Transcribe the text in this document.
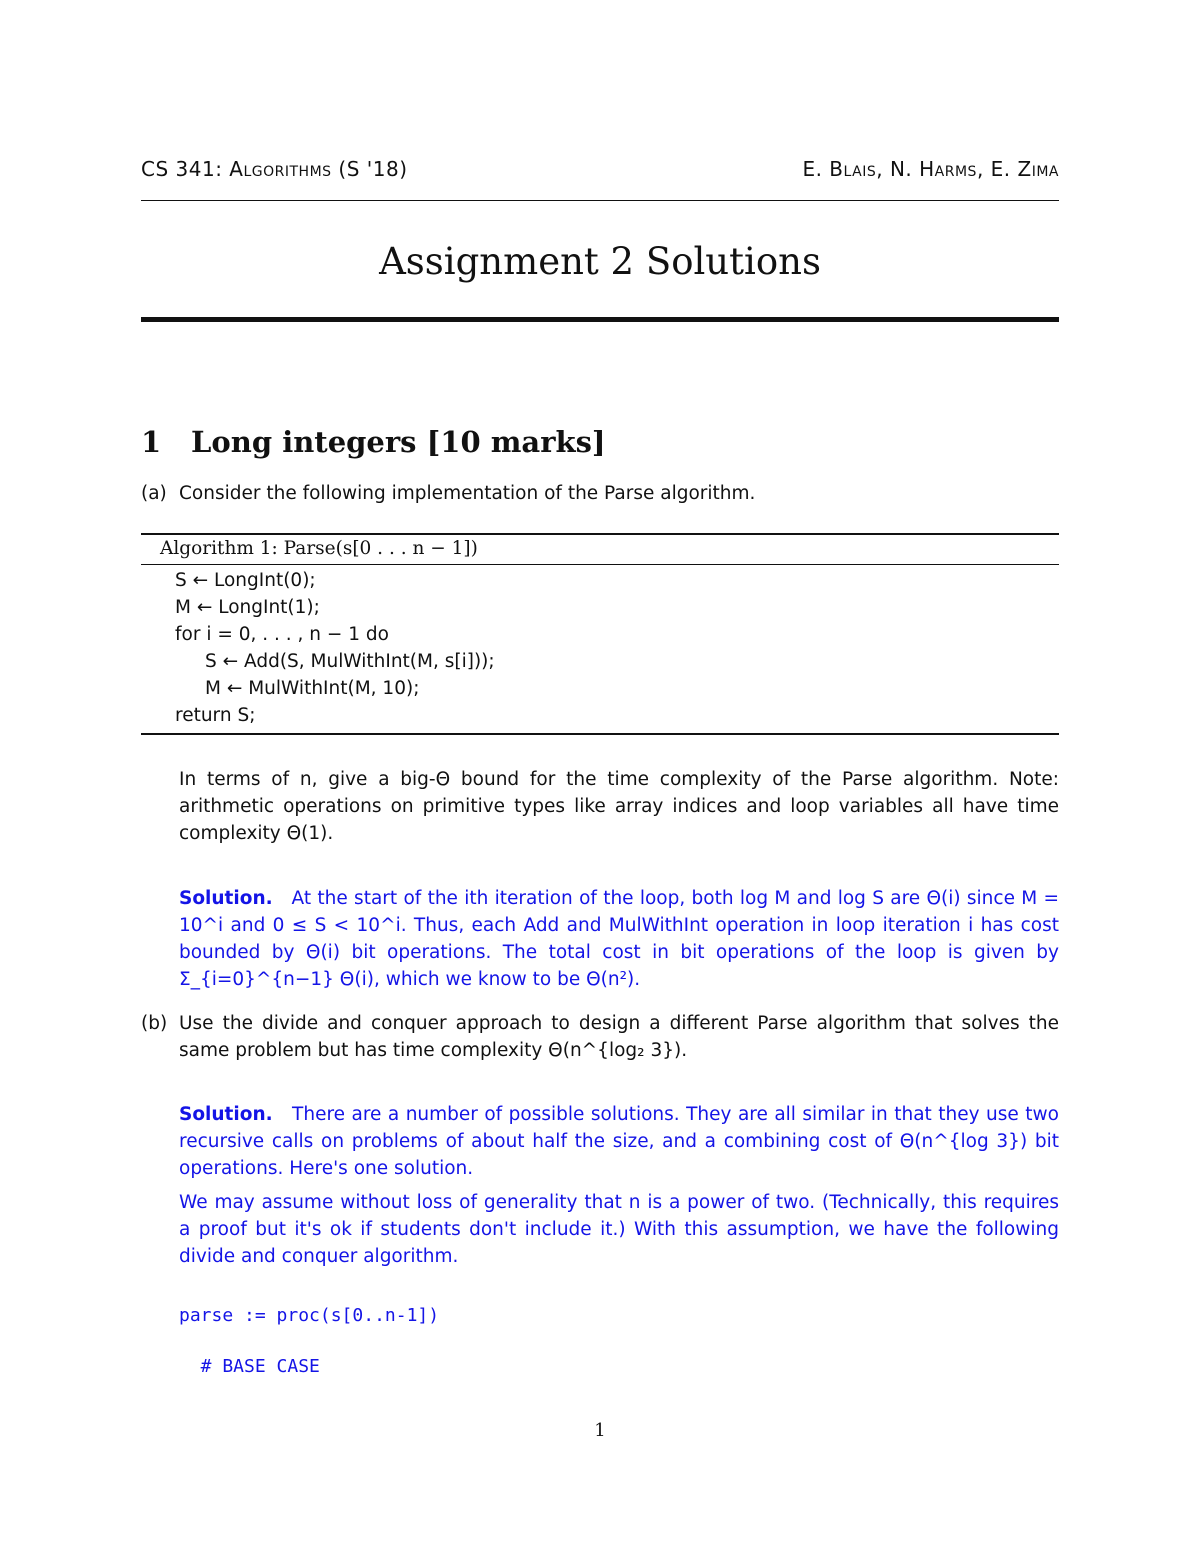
CS 341: Algorithms (S '18)	E. Blais, N. Harms, E. Zima
Assignment 2 Solutions
1 Long integers [10 marks]
(a) Consider the following implementation of the Parse algorithm.
Algorithm 1: Parse(s[0 . . . n − 1])
S ← LongInt(0);
M ← LongInt(1);
for i = 0, . . . , n − 1 do
S ← Add(S, MulWithInt(M, s[i]));
M ← MulWithInt(M, 10);
return S;
In terms of n, give a big-Θ bound for the time complexity of the Parse algorithm. Note: arithmetic operations on primitive types like array indices and loop variables all have time complexity Θ(1).
Solution. At the start of the ith iteration of the loop, both log M and log S are Θ(i) since M = 10^i and 0 ≤ S < 10^i. Thus, each Add and MulWithInt operation in loop iteration i has cost bounded by Θ(i) bit operations. The total cost in bit operations of the loop is given by Σ_{i=0}^{n−1} Θ(i), which we know to be Θ(n²).
(b) Use the divide and conquer approach to design a different Parse algorithm that solves the same problem but has time complexity Θ(n^{log₂ 3}).
Solution. There are a number of possible solutions. They are all similar in that they use two recursive calls on problems of about half the size, and a combining cost of Θ(n^{log 3}) bit operations. Here's one solution.
We may assume without loss of generality that n is a power of two. (Technically, this requires a proof but it's ok if students don't include it.) With this assumption, we have the following divide and conquer algorithm.
parse := proc(s[0..n-1])
# BASE CASE
1
